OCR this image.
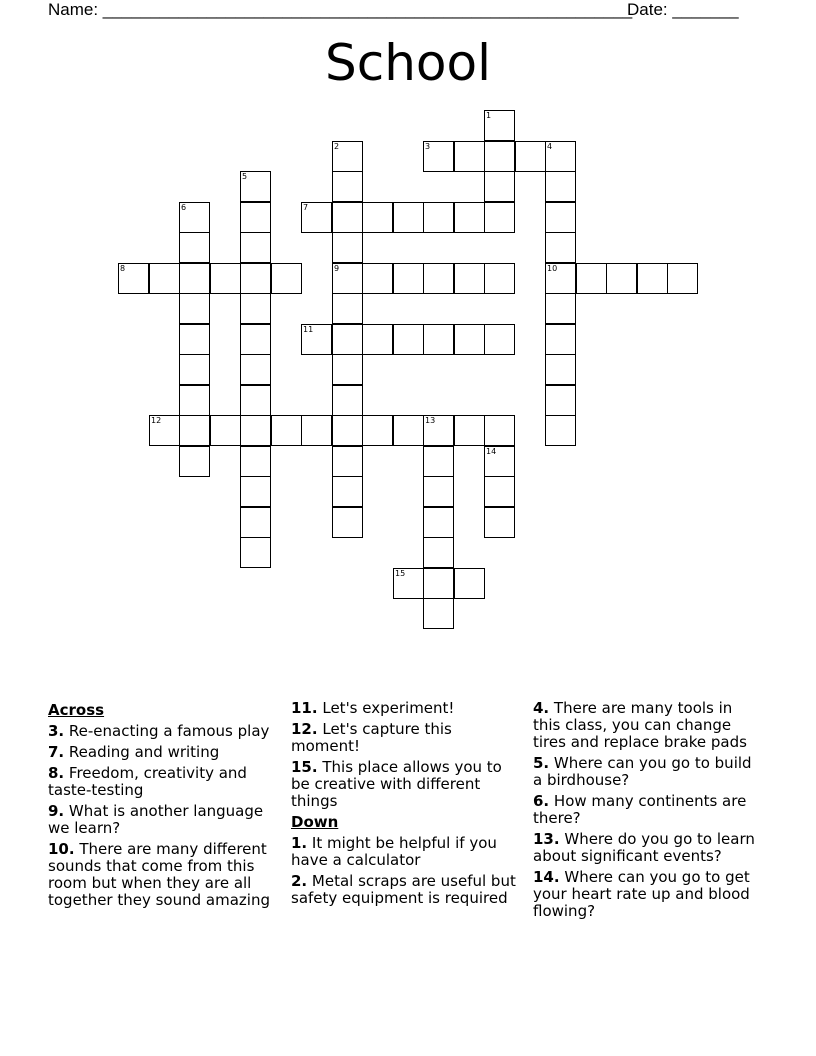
Name: ________________________________________________________
Date: _______
School
1
2
9
3	4
10
5
6	7
8
11
12	13
14
15
Across
3. Re-enacting a famous play
7. Reading and writing
8. Freedom, creativity and taste-testing
9. What is another language we learn?
10. There are many different sounds that come from this room but when they are all together they sound amazing
11. Let's experiment!
12. Let's capture this moment!
15. This place allows you to be creative with different things
Down
1. It might be helpful if you have a calculator
2. Metal scraps are useful but safety equipment is required
4. There are many tools in this class, you can change tires and replace brake pads
5. Where can you go to build a birdhouse?
6. How many continents are there?
13. Where do you go to learn about significant events?
14. Where can you go to get your heart rate up and blood flowing?
